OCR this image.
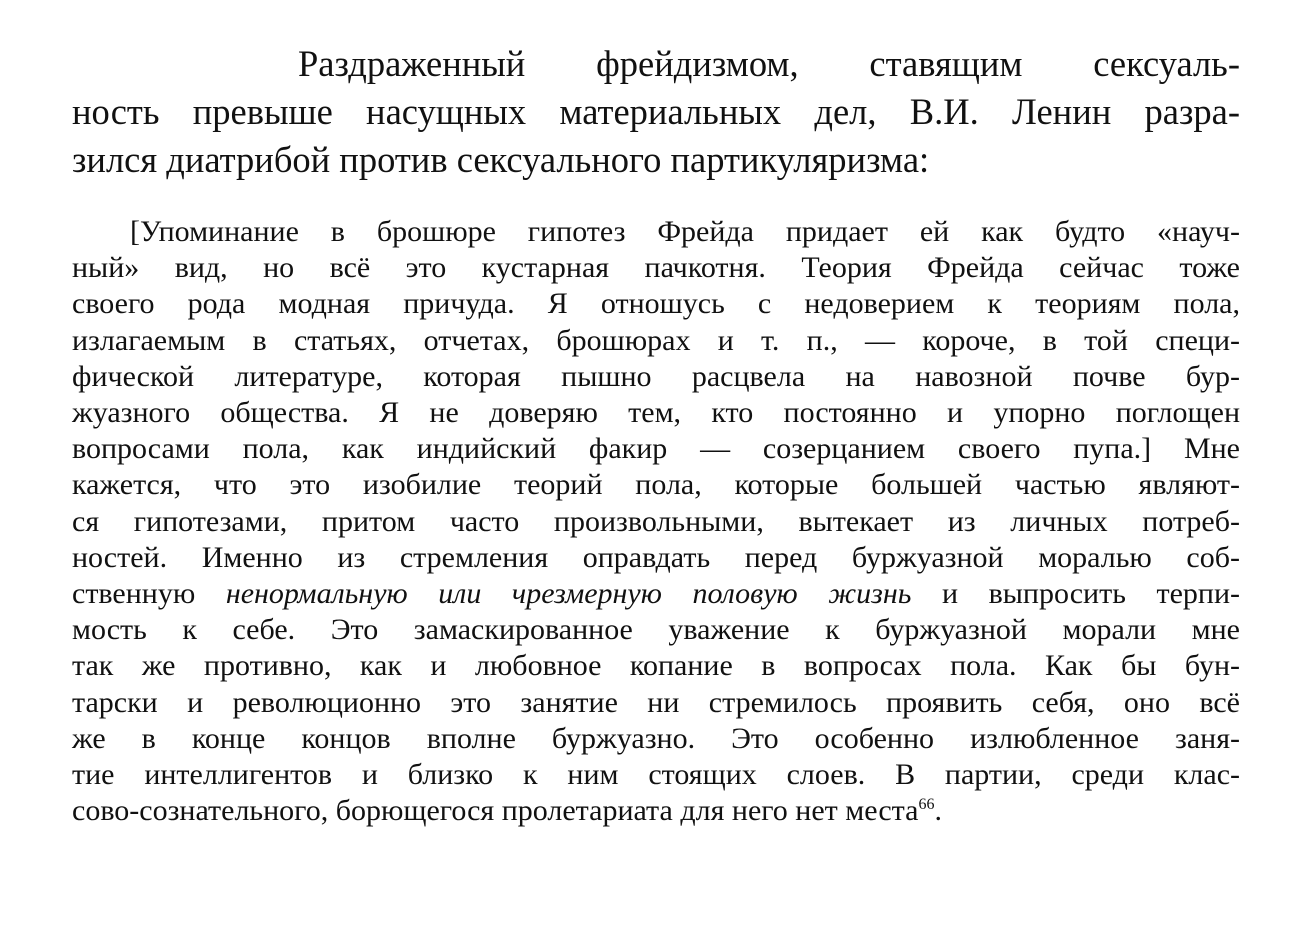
Раздраженный фрейдизмом, ставящим сексуаль-
ность превыше насущных материальных дел, В.И. Ленин разра-
зился диатрибой против сексуального партикуляризма:

[Упоминание в брошюре гипотез Фрейда придает ей как будто «науч-
ный» вид, но всё это кустарная пачкотня. Теория Фрейда сейчас тоже
своего рода модная причуда. Я отношусь с недоверием к теориям пола,
излагаемым в статьях, отчетах, брошюрах и т. п., — короче, в той специ-
фической литературе, которая пышно расцвела на навозной почве бур-
жуазного общества. Я не доверяю тем, кто постоянно и упорно поглощен
вопросами пола, как индийский факир — созерцанием своего пупа.] Мне
кажется, что это изобилие теорий пола, которые большей частью являют-
ся гипотезами, притом часто произвольными, вытекает из личных потреб-
ностей. Именно из стремления оправдать перед буржуазной моралью соб-
ственную ненормальную или чрезмерную половую жизнь и выпросить терпи-
мость к себе. Это замаскированное уважение к буржуазной морали мне
так же противно, как и любовное копание в вопросах пола. Как бы бун-
тарски и революционно это занятие ни стремилось проявить себя, оно всё
же в конце концов вполне буржуазно. Это особенно излюбленное заня-
тие интеллигентов и близко к ним стоящих слоев. В партии, среди клас-
сово-сознательного, борющегося пролетариата для него нет места$^{66}$.
